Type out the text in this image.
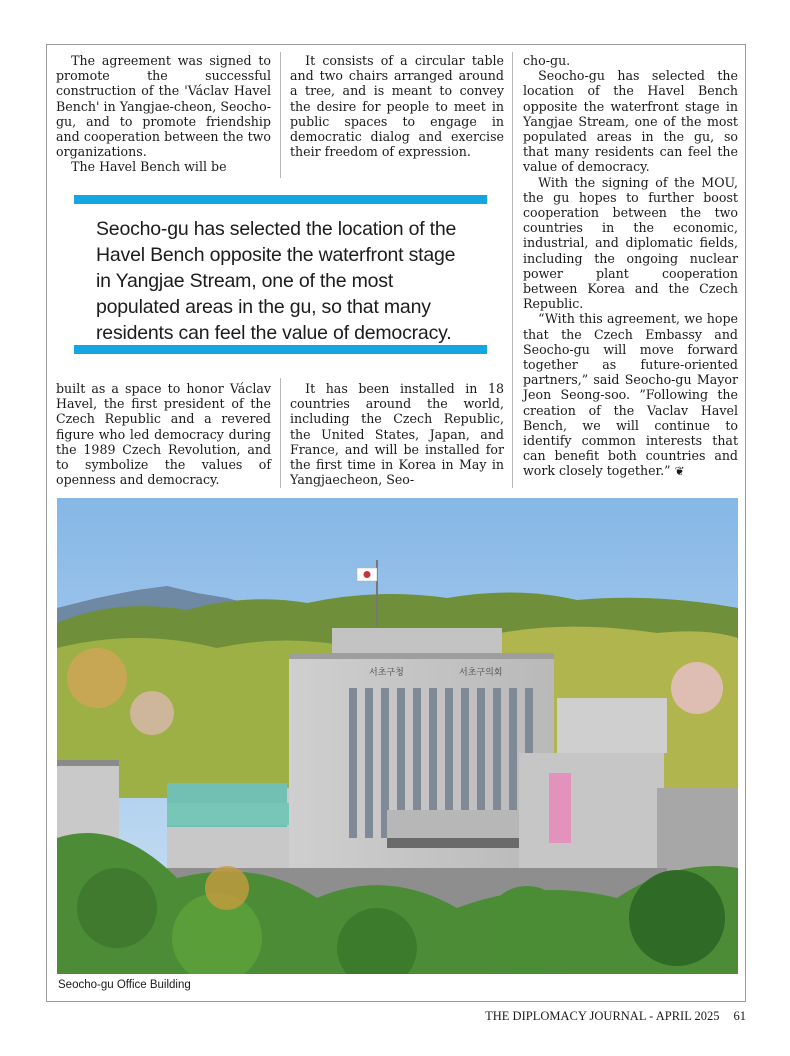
The agreement was signed to promote the successful construction of the 'Václav Havel Bench' in Yangjae-cheon, Seocho-gu, and to promote friendship and cooperation between the two organizations.

The Havel Bench will be

It consists of a circular table and two chairs arranged around a tree, and is meant to convey the desire for people to meet in public spaces to engage in democratic dialog and exercise their freedom of expression.

cho-gu.

Seocho-gu has selected the location of the Havel Bench opposite the waterfront stage in Yangjae Stream, one of the most populated areas in the gu, so that many residents can feel the value of democracy.

With the signing of the MOU, the gu hopes to further boost cooperation between the two countries in the economic, industrial, and diplomatic fields, including the ongoing nuclear power plant cooperation between Korea and the Czech Republic.

“With this agreement, we hope that the Czech Embassy and Seocho-gu will move forward together as future-oriented partners,” said Seocho-gu Mayor Jeon Seong-soo. ”Following the creation of the Vaclav Havel Bench, we will continue to identify common interests that can benefit both countries and work closely together.” ❦

Seocho-gu has selected the location of the Havel Bench opposite the waterfront stage in Yangjae Stream, one of the most populated areas in the gu, so that many residents can feel the value of democracy.

built as a space to honor Václav Havel, the first president of the Czech Republic and a revered figure who led democracy during the 1989 Czech Revolution, and to symbolize the values of openness and democracy.

It has been installed in 18 countries around the world, including the Czech Republic, the United States, Japan, and France, and will be installed for the first time in Korea in May in Yangjaecheon, Seo-

서초구청	서초구의회
Seocho-gu Office Building
THE DIPLOMACY JOURNAL - APRIL 2025 61
